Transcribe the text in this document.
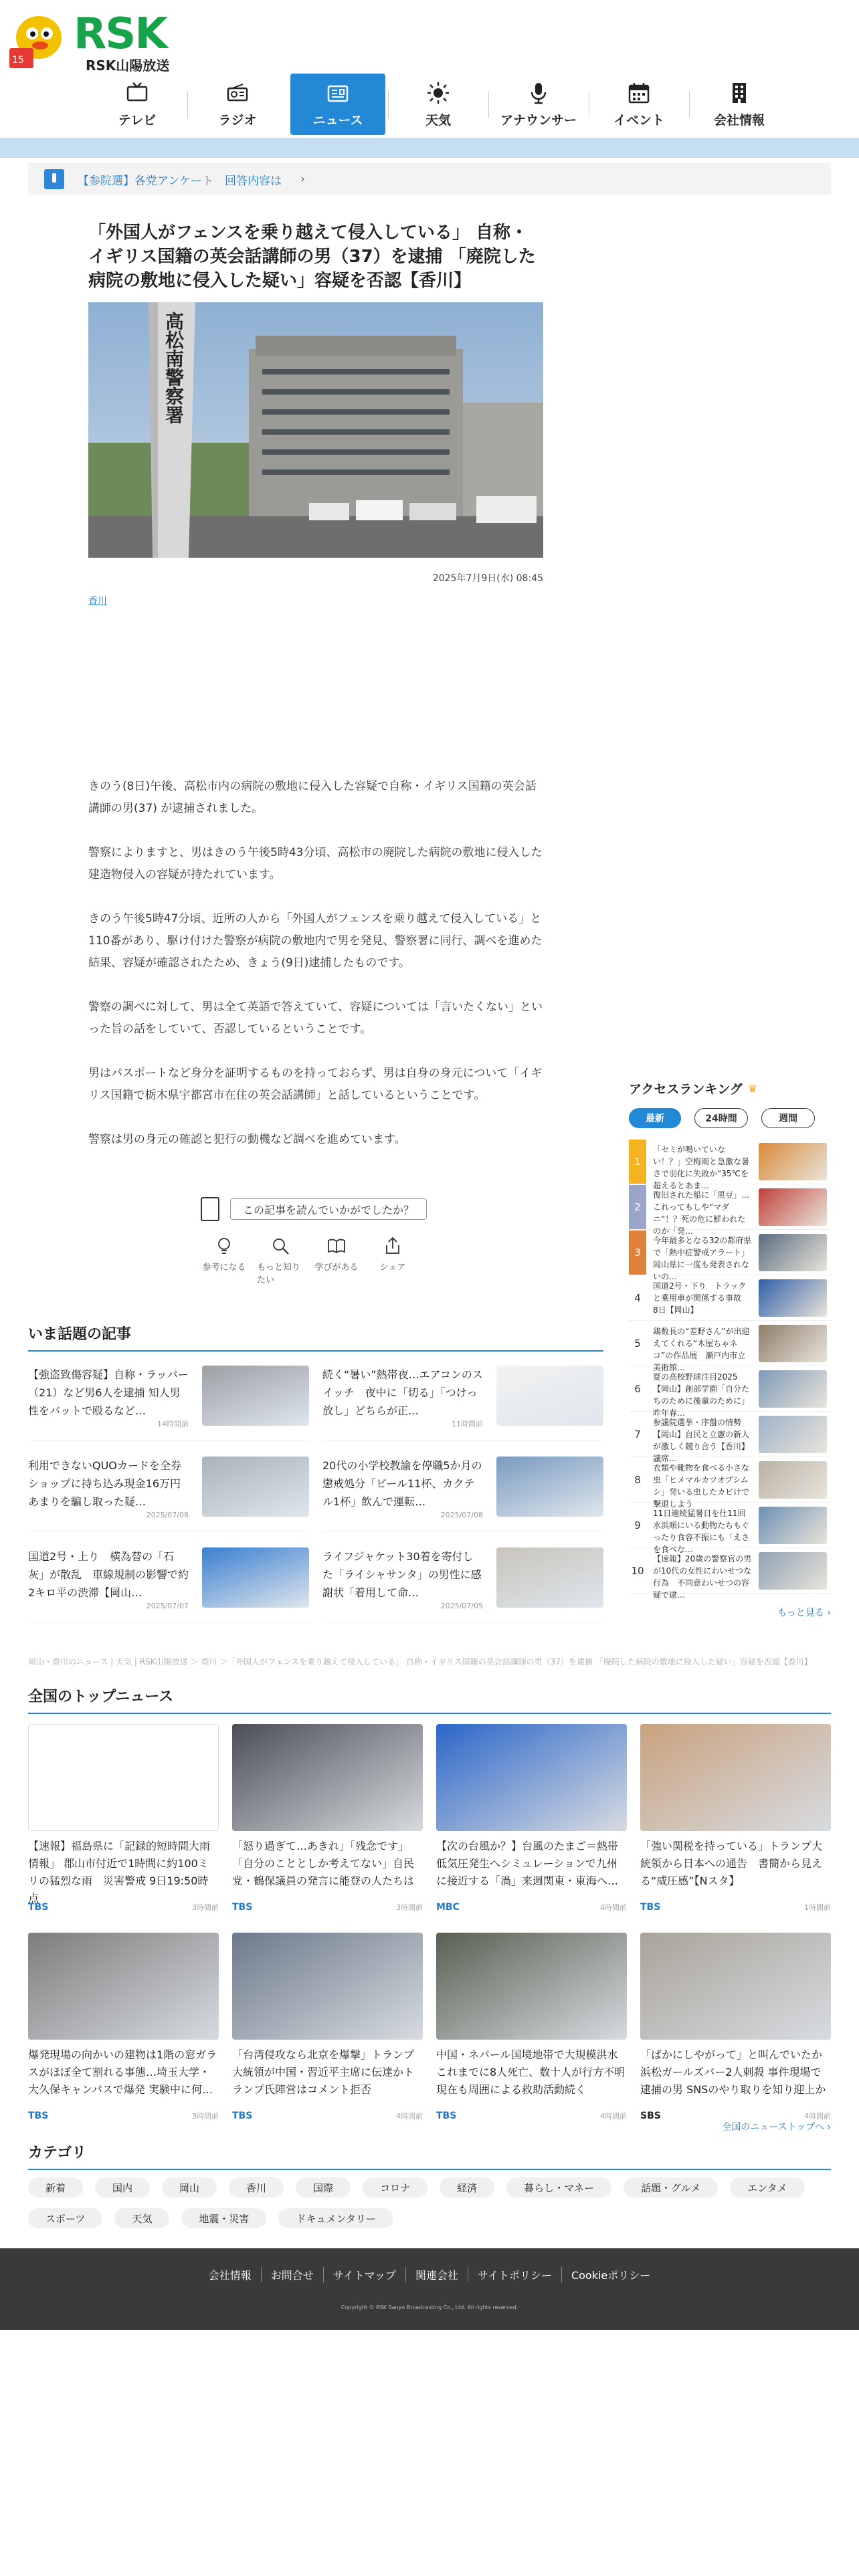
15
RSK
RSK山陽放送
テレビ	ラジオ	ニュース	天気	アナウンサー	イベント	会社情報
【参院選】各党アンケート　回答内容は ›
「外国人がフェンスを乗り越えて侵入している」 自称・イギリス国籍の英会話講師の男（37）を逮捕 「廃院した病院の敷地に侵入した疑い」容疑を否認【香川】
高松南警察署
2025年7月9日(水) 08:45
香川

きのう(8日)午後、高松市内の病院の敷地に侵入した容疑で自称・イギリス国籍の英会話講師の男(37) が逮捕されました。

警察によりますと、男はきのう午後5時43分頃、高松市の廃院した病院の敷地に侵入した建造物侵入の容疑が持たれています。

きのう午後5時47分頃、近所の人から「外国人がフェンスを乗り越えて侵入している」と110番があり、駆け付けた警察が病院の敷地内で男を発見、警察署に同行、調べを進めた結果、容疑が確認されたため、きょう(9日)逮捕したものです。

警察の調べに対して、男は全て英語で答えていて、容疑については「言いたくない」といった旨の話をしていて、否認しているということです。

男はパスポートなど身分を証明するものを持っておらず、男は自身の身元について「イギリス国籍で栃木県宇都宮市在住の英会話講師」と話しているということです。

警察は男の身元の確認と犯行の動機など調べを進めています。

この記事を読んでいかがでしたか？
参考になる もっと知りたい
学びがある シェア
アクセスランキング ♛
最新	24時間	週間
1
「セミが鳴いていない！？」空梅雨と急激な暑さで羽化に失敗か“35℃を超えるとあま…
2
復旧された船に「黒豆」…これってもしや”マダニ”！？死の危に鮮われたのか「発…
3
今年最多となる32の都府県で「熱中症警戒アラート」 岡山県に一度も発表されないの…
4
国道2号・下り　トラックと乗用車が関係する事故　8日【岡山】
5
鶏数長の“差野さん”が出迎えてくれる“木屋ちゃネコ”の作品展　瀬戸内市立美術館…
6
夏の高校野球注目2025【岡山】創部学園「自分たちのために後輩のために」昨年春…
7
参議院選挙・序盤の情勢【岡山】自民と立憲の新人が激しく競り合う【香川】議席…
8
衣類や靴物を食べる小さな虫「ヒメマルカツオブシムシ」発いる虫したカビけで撃退しよう
9
11日連続猛暑日を仕11回　水浜順にいる動物たちもぐったり食容不振にも「えさを食べな…
10
【速報】20歳の警察官の男が10代の女性にわいせつな行為　不同意わいせつの容疑で逮…
もっと見る ›
いま話題の記事
【強盗致傷容疑】自称・ラッパー（21）など男6人を逮捕 知人男性をバットで殴るなど…
14時間前
続く“暑い”熱帯夜…エアコンのスイッチ　夜中に「切る」「つけっ放し」どちらが正…
11時間前
利用できないQUOカードを全券ショップに持ち込み現金16万円あまりを騙し取った疑…
2025/07/08
20代の小学校教諭を停職5か月の懲戒処分「ビール11杯、カクテル1杯」飲んで運転…
2025/07/08
国道2号・上り　横為替の「石灰」が散乱　車線規制の影響で約2キロ平の渋滞【岡山…
2025/07/07
ライフジャケット30着を寄付した「ライシャサンタ」の男性に感謝状「着用して命…
2025/07/05
岡山・香川のニュース | 天気 | RSK山陽放送 ＞ 香川 ＞「外国人がフェンスを乗り越えて侵入している」 自称・イギリス国籍の英会話講師の男（37）を逮捕 「廃院した病院の敷地に侵入した疑い」容疑を否認【香川】
全国のトップニュース
【速報】福島県に「記録的短時間大雨情報」 郡山市付近で1時間に約100ミリの猛烈な雨　災害警戒 9日19:50時点
TBS	3時間前
「怒り過ぎて…あきれ」「残念です」「自分のこととしか考えてない」自民党・鶴保議員の発言に能登の人たちは
TBS	3時間前
【次の台風か？】台風のたまご＝熱帯低気圧発生へシミュレーションで九州に接近する「渦」来週関東・東海へ…
MBC	4時間前
「強い関税を持っている」トランプ大統領から日本への通告　書簡から見える“威圧感”【Nスタ】
TBS	1時間前
爆発現場の向かいの建物は1階の窓ガラスがほぼ全て割れる事態…埼玉大学・大久保キャンパスで爆発 実験中に何…
TBS	3時間前
「台湾侵攻なら北京を爆撃」トランプ大統領が中国・習近平主席に伝達かトランプ氏陣営はコメント拒否
TBS	4時間前
中国・ネパール国境地帯で大規模洪水これまでに8人死亡、数十人が行方不明　現在も周囲による救助活動続く
TBS	4時間前
「ばかにしやがって」と叫んでいたか浜松ガールズバー2人刺殺 事件現場で逮捕の男 SNSのやり取りを知り迎上か
SBS	4時間前
全国のニューストップへ ›
カテゴリ
新着	国内	岡山	香川	国際	コロナ	経済	暮らし・マネー	話題・グルメ	エンタメ
スポーツ	天気	地震・災害	ドキュメンタリー
会社情報	お問合せ	サイトマップ	関連会社	サイトポリシー	Cookieポリシー
Copyright © RSK Sanyo Broadcasting Co., Ltd. All rights reserved.
